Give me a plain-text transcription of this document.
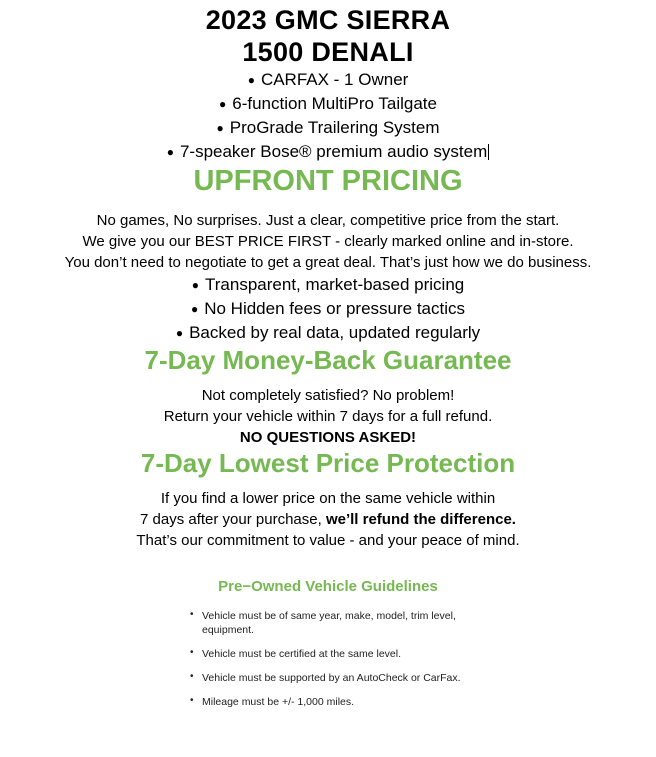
2023 GMC SIERRA
1500 DENALI
● CARFAX - 1 Owner
● 6-function MultiPro Tailgate
● ProGrade Trailering System
● 7-speaker Bose® premium audio system
UPFRONT PRICING

No games, No surprises. Just a clear, competitive price from the start.

We give you our BEST PRICE FIRST - clearly marked online and in-store.

You don’t need to negotiate to get a great deal. That’s just how we do business.

● Transparent, market-based pricing
● No Hidden fees or pressure tactics
● Backed by real data, updated regularly
7-Day Money-Back Guarantee

Not completely satisfied? No problem!

Return your vehicle within 7 days for a full refund.

NO QUESTIONS ASKED!

7-Day Lowest Price Protection

If you find a lower price on the same vehicle within

7 days after your purchase, we’ll refund the difference.

That’s our commitment to value - and your peace of mind.

Pre−Owned Vehicle Guidelines
• Vehicle must be of same year, make, model, trim level, equipment.
• Vehicle must be certified at the same level.
• Vehicle must be supported by an AutoCheck or CarFax.
• Mileage must be +/- 1,000 miles.
